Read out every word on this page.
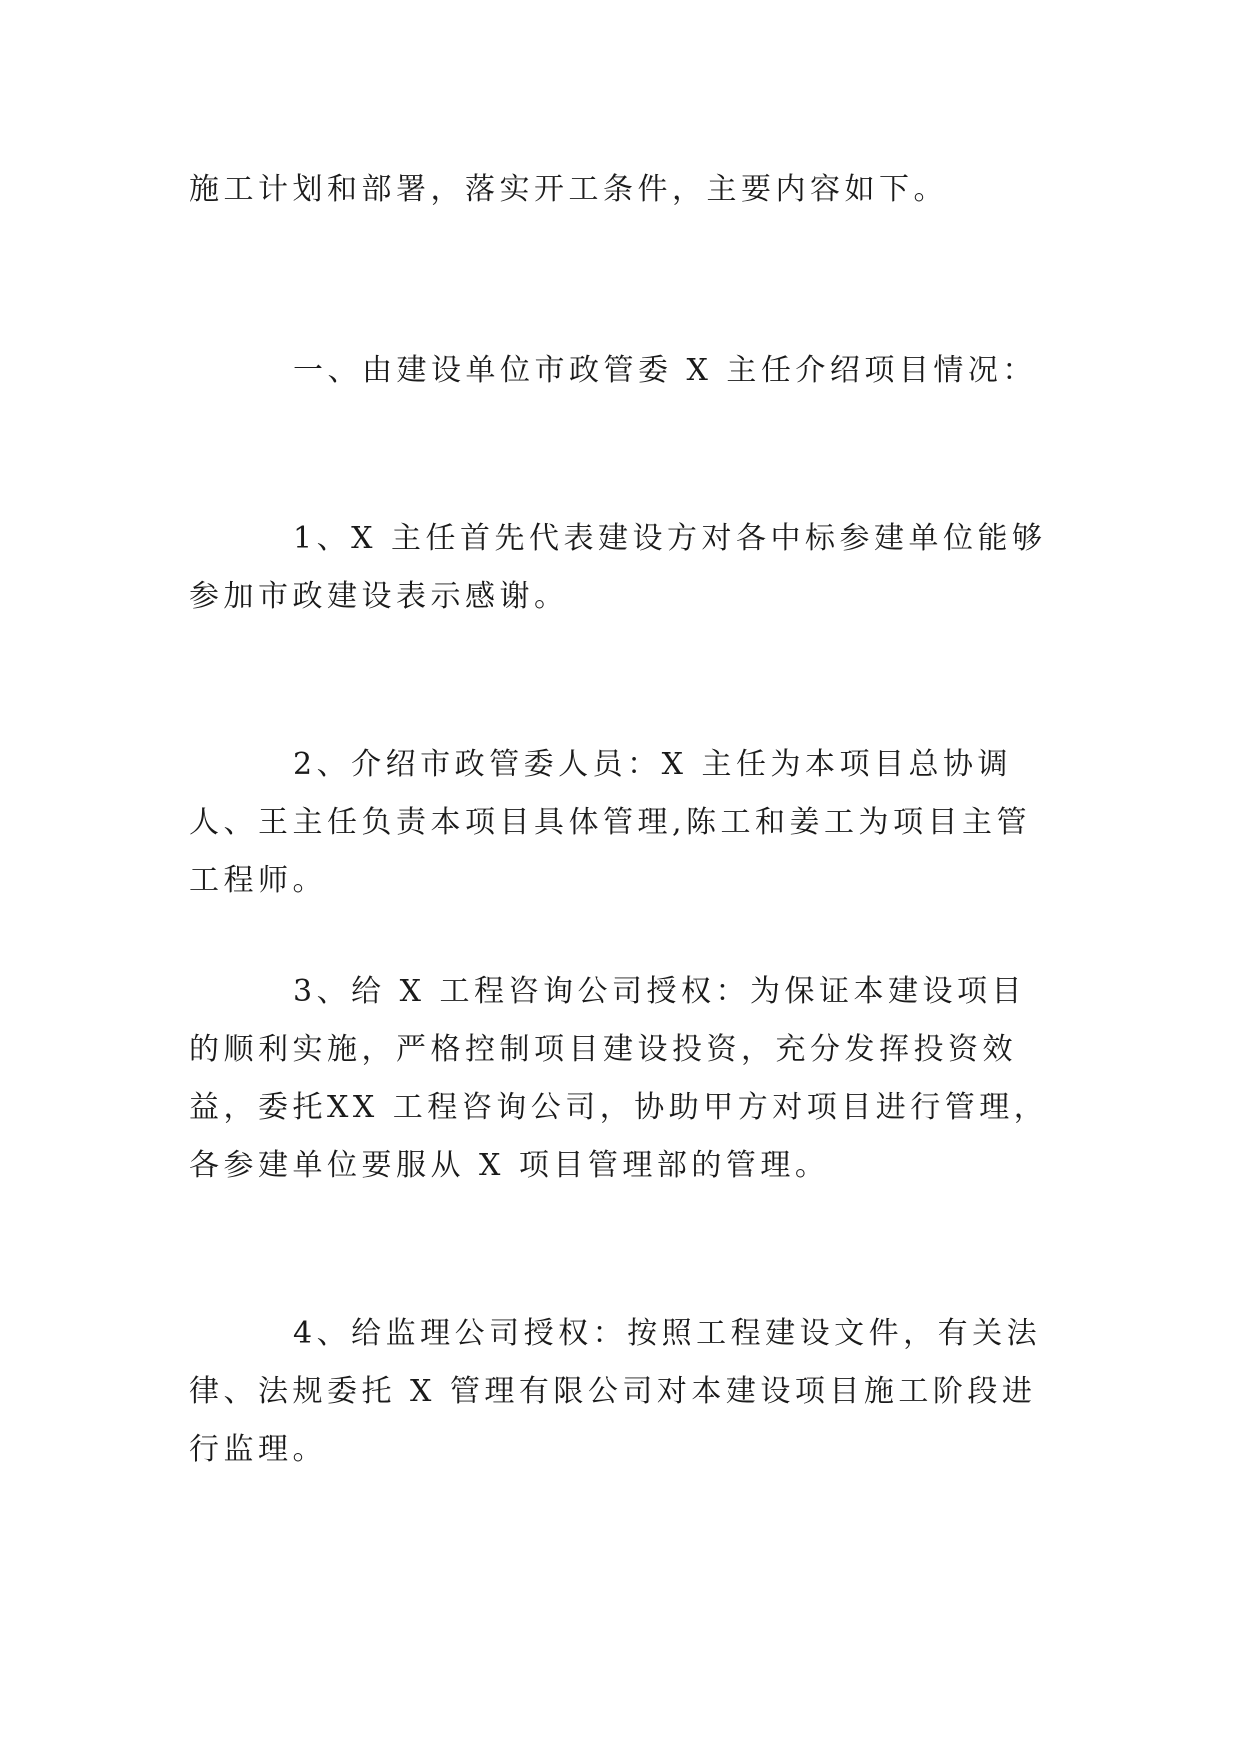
施工计划和部署，落实开工条件，主要内容如下。

一、由建设单位市政管委 X 主任介绍项目情况：

1、X 主任首先代表建设方对各中标参建单位能够参加市政建设表示感谢。

2、介绍市政管委人员：X 主任为本项目总协调人、王主任负责本项目具体管理,陈工和姜工为项目主管工程师。

3、给 X 工程咨询公司授权：为保证本建设项目的顺利实施，严格控制项目建设投资，充分发挥投资效益，委托XX 工程咨询公司，协助甲方对项目进行管理，各参建单位要服从 X 项目管理部的管理。

4、给监理公司授权：按照工程建设文件，有关法律、法规委托 X 管理有限公司对本建设项目施工阶段进行监理。
